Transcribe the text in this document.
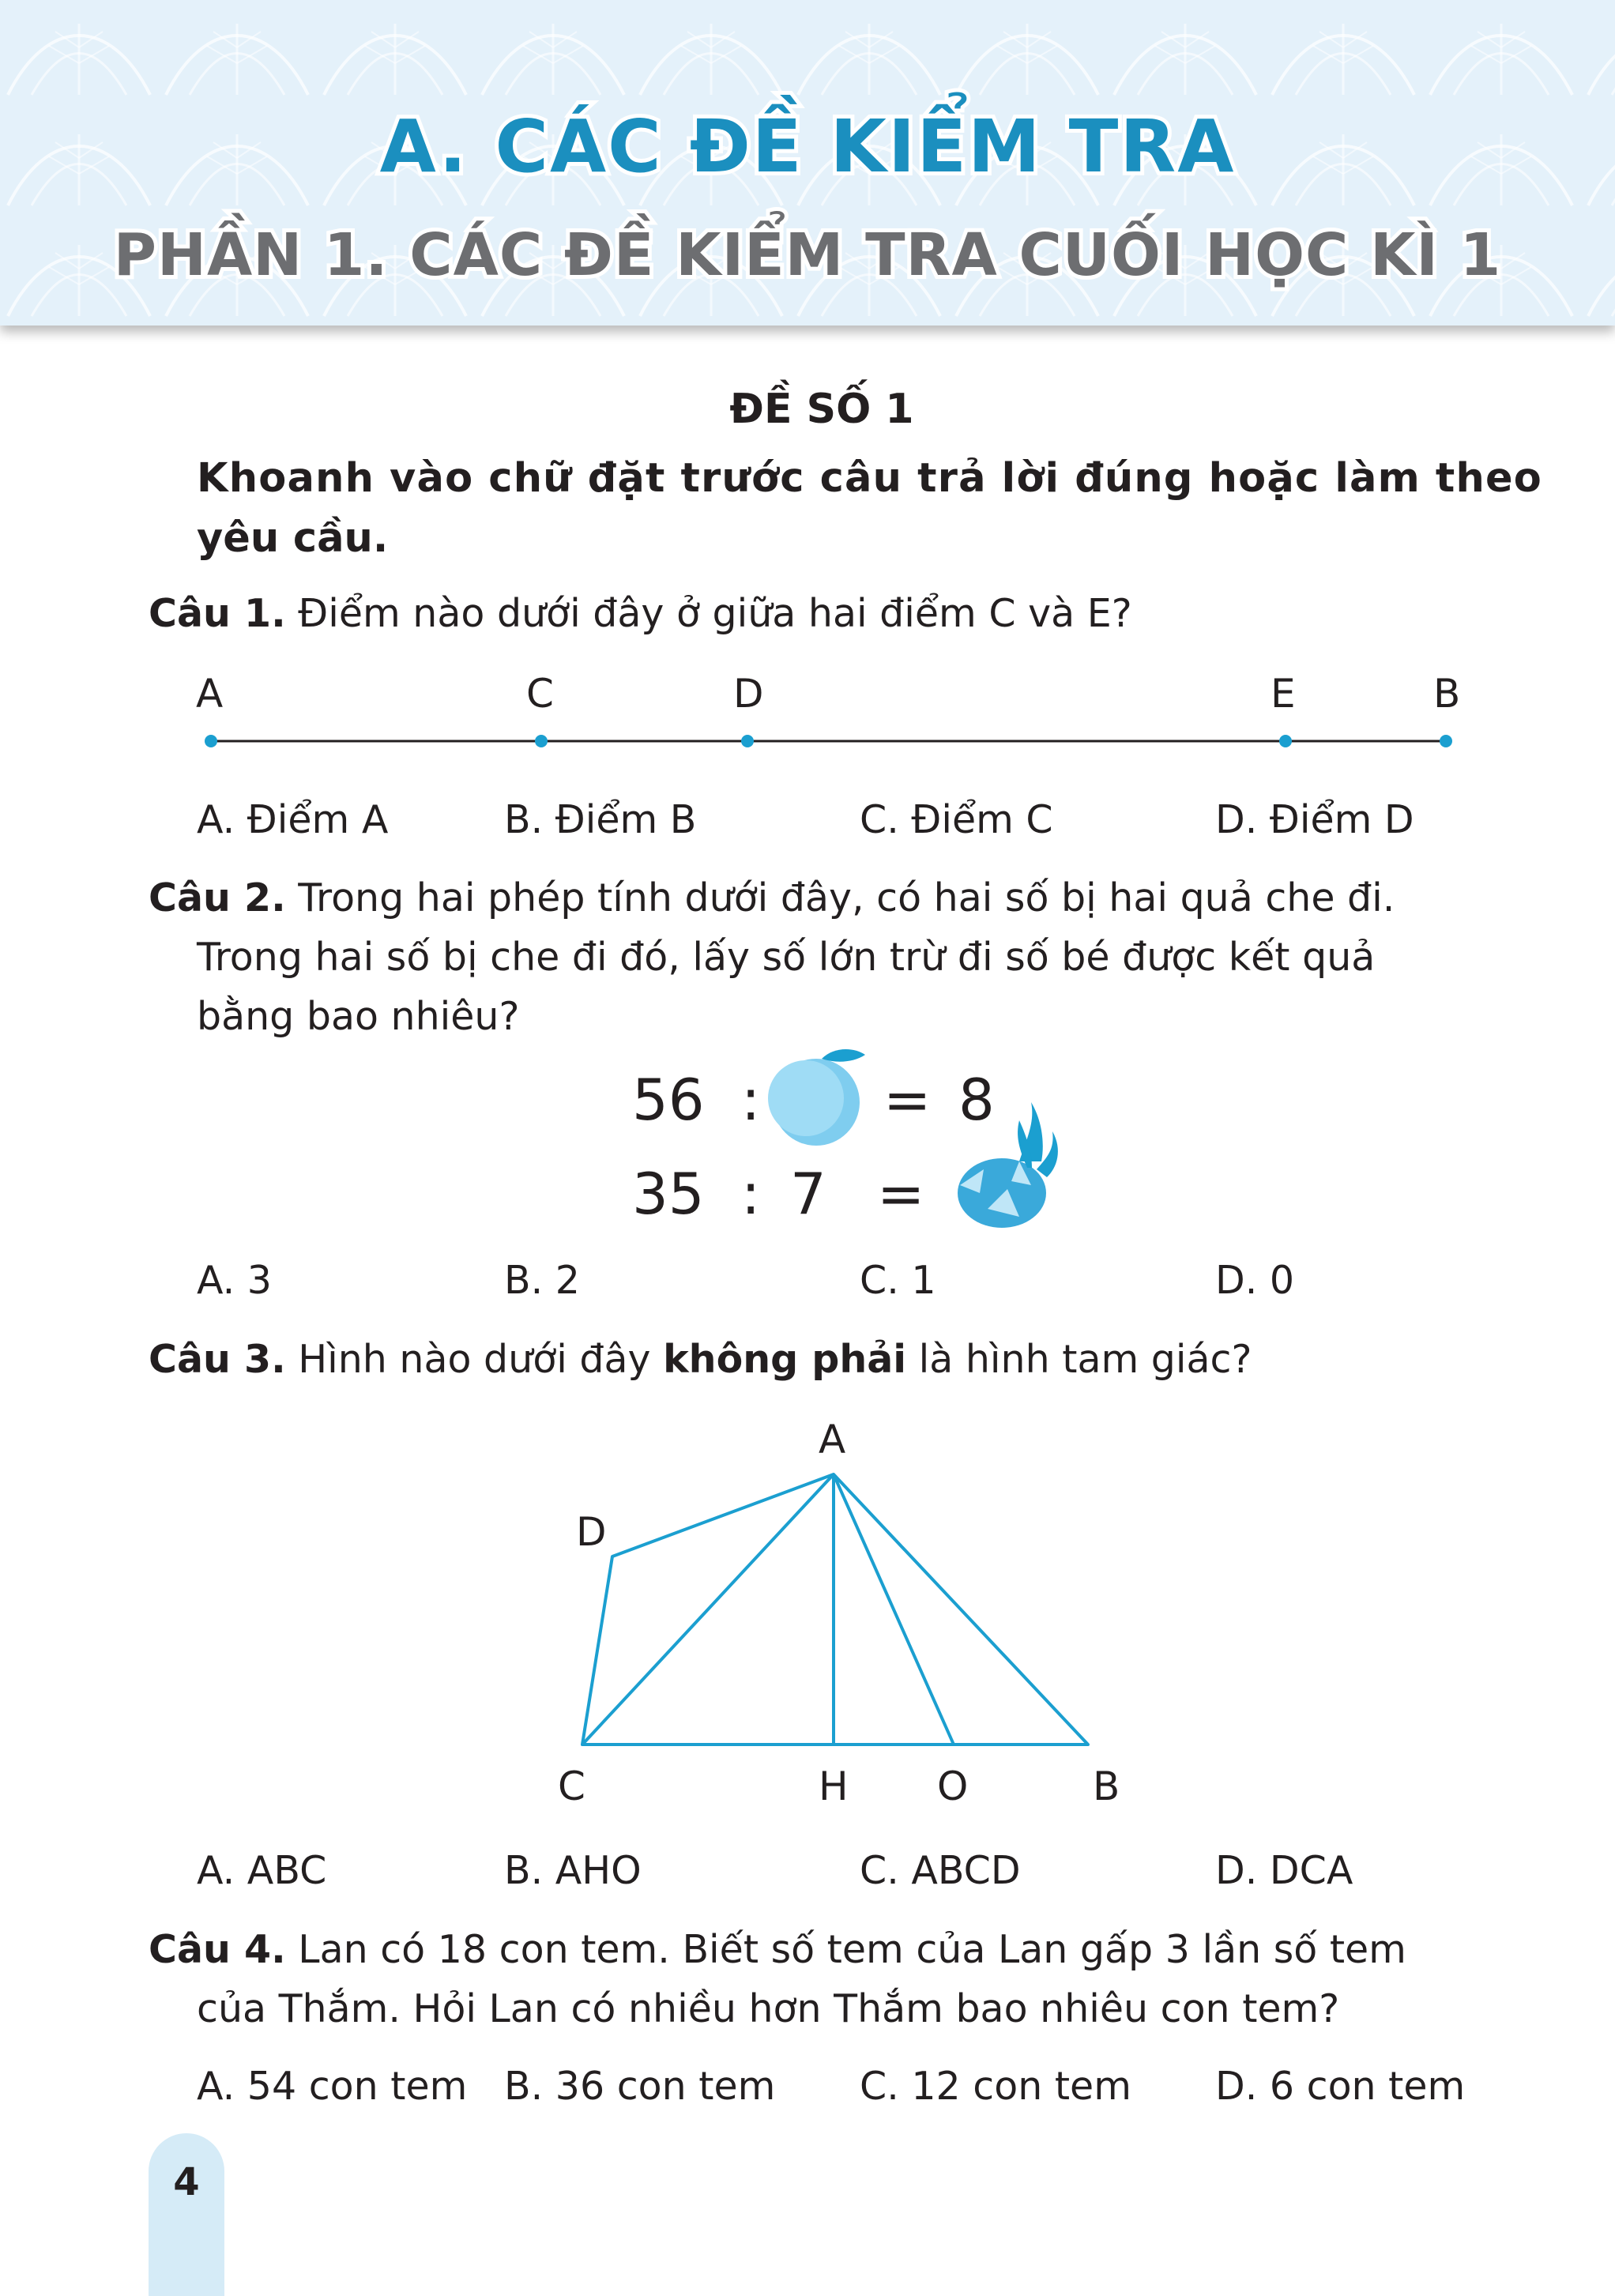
A. CÁC ĐỀ KIỂM TRA
PHẦN 1. CÁC ĐỀ KIỂM TRA CUỐI HỌC KÌ 1
ĐỀ SỐ 1
Khoanh vào chữ đặt trước câu trả lời đúng hoặc làm theo
yêu cầu.
Câu 1. Điểm nào dưới đây ở giữa hai điểm C và E?
A	C	D	E	B
A. Điểm A	B. Điểm B	C. Điểm C	D. Điểm D
Câu 2. Trong hai phép tính dưới đây, có hai số bị hai quả che đi.
Trong hai số bị che đi đó, lấy số lớn trừ đi số bé được kết quả
bằng bao nhiêu?
56 : = 8
35 : 7 =
A. 3	B. 2	C. 1	D. 0
Câu 3. Hình nào dưới đây không phải là hình tam giác?
A
D
C	H O	B
A. ABC	B. AHO	C. ABCD	D. DCA
Câu 4. Lan có 18 con tem. Biết số tem của Lan gấp 3 lần số tem
của Thắm. Hỏi Lan có nhiều hơn Thắm bao nhiêu con tem?
A. 54 con tem B. 36 con tem C. 12 con tem D. 6 con tem
4
